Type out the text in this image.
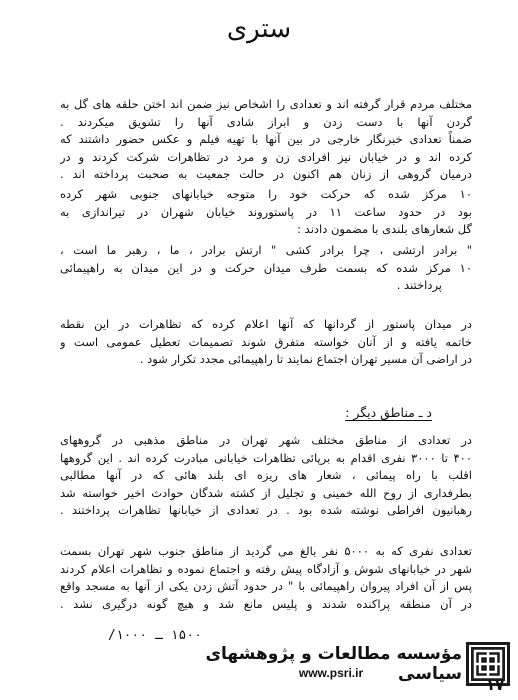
ستری
مختلف مردم قرار گرفته اند و تعدادی را اشخاص نیز ضمن اند اختن حلقه های گل به
گردن آنها با دست زدن و ابراز شادی آنها را تشویق میکردند .
ضمناً تعدادی خبرنگار خارجی در بین آنها با تهیه فیلم و عکس حضور داشتند که
کرده اند و در خیابان نیز افرادی زن و مرد در تظاهرات شرکت کردند و در
درمیان گروهی از زنان هم اکنون در حالت جمعیت به صحبت پرداخته اند .
۱۰ مرکز شده که حرکت خود را متوجه خیابانهای جنوبی شهر کرده
بود در حدود ساعت ۱۱ در پاستوروند خیابان شهران در تیراندازی به
گل شعارهای بلندی با مضمون دادند :
" برادر ارتشی ، چرا برادر کشی " ارتش برادر ، ما ، رهبر ما است ،
۱۰ مرکز شده که بسمت طرف میدان حرکت و در این میدان به راهپیمائی
پرداختند .
در میدان پاستور از گردانها که آنها اعلام کرده که تظاهرات در این نقطه
خاتمه یافته و از آنان خواسته متفرق شوند تصمیمات تعطیل عمومی است و
در اراضی آن مسیر تهران اجتماع نمایند تا راهپیمائی مجدد تکرار شود .
د ـ مناطق دیگر :
در تعدادی از مناطق مختلف شهر تهران در مناطق مذهبی در گروههای
۴۰۰ تا ۳۰۰۰ نفری اقدام به برپائی تظاهرات خیابانی مبادرت کرده اند . این گروهها
اقلب با راه پیمائی ، شعار های ریزه ای بلند هائی که در آنها مطالبی
بطرفداری از روح الله خمینی و تجلیل از کشته شدگان حوادث اخیر خواسته شد
رهبانیون افراطی نوشته شده بود . در تعدادی از خیابانها تظاهرات پرداختند .
تعدادی نفری که به ۵۰۰۰ نفر بالغ می گردید از مناطق جنوب شهر تهران بسمت
شهر در خیابانهای شوش و آزادگاه پیش رفته و اجتماع نموده و تظاهرات اعلام کردند
پس از آن افراد پیروان راهپیمائی با " در حدود آتش زدن یکی از آنها به مسجد واقع
در آن منطقه پراکنده شدند و پلیس مانع شد و هیچ گونه درگیری نشد .
۱۵۰۰ ـ ۱۰۰۰/
مؤسسه مطالعات و پژوهشهای سیاسی
www.psri.ir
۱۷
